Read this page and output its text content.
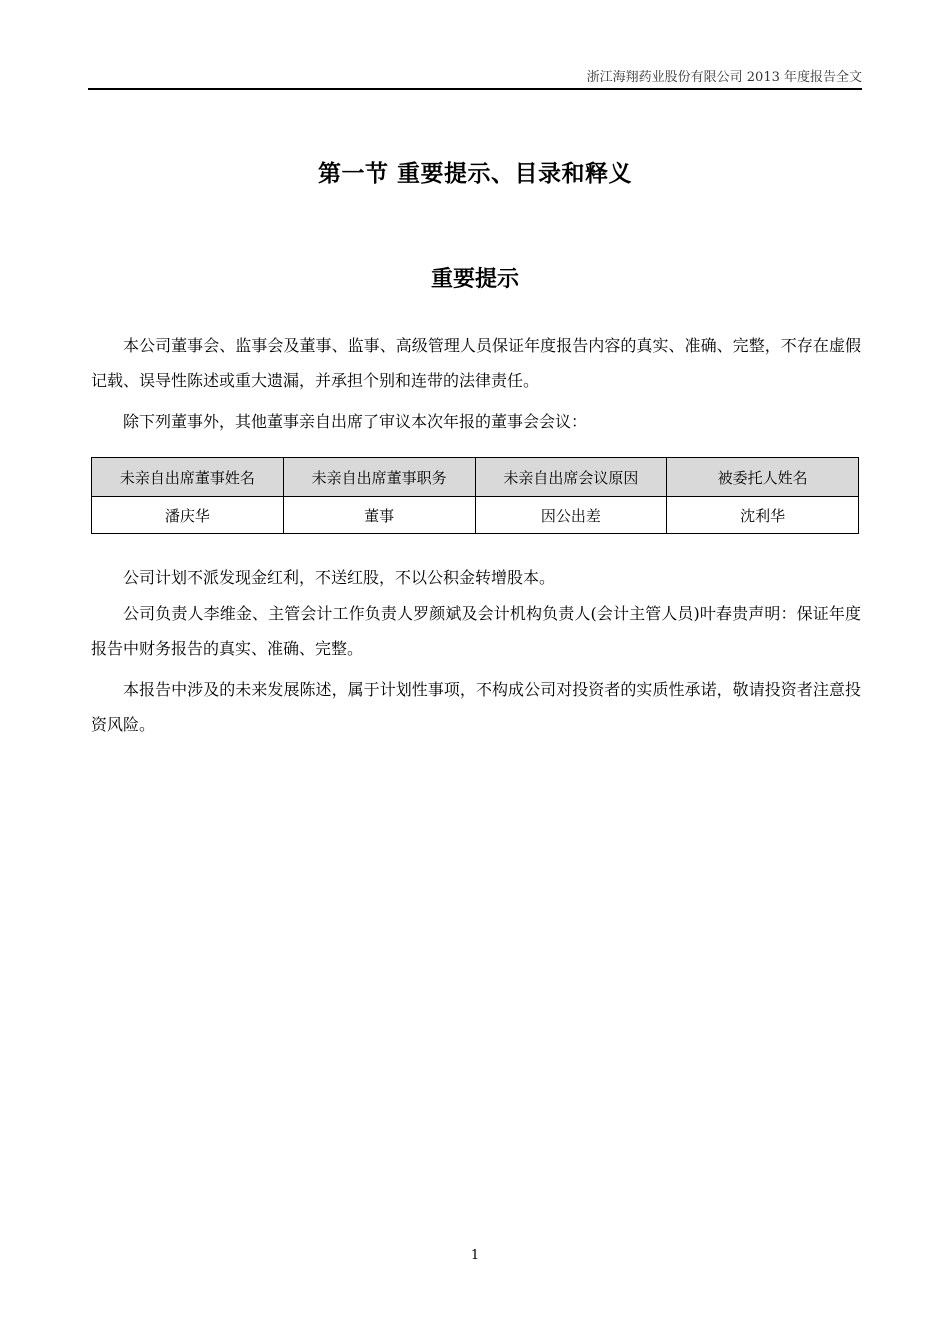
浙江海翔药业股份有限公司 2013 年度报告全文
第一节 重要提示、目录和释义
重要提示

本公司董事会、监事会及董事、监事、高级管理人员保证年度报告内容的真实、准确、完整，不存在虚假记载、误导性陈述或重大遗漏，并承担个别和连带的法律责任。

除下列董事外，其他董事亲自出席了审议本次年报的董事会会议：

未亲自出席董事姓名	未亲自出席董事职务	未亲自出席会议原因	被委托人姓名
潘庆华	董事	因公出差	沈利华

公司计划不派发现金红利，不送红股，不以公积金转增股本。

公司负责人李维金、主管会计工作负责人罗颜斌及会计机构负责人(会计主管人员)叶春贵声明：保证年度报告中财务报告的真实、准确、完整。

本报告中涉及的未来发展陈述，属于计划性事项，不构成公司对投资者的实质性承诺，敬请投资者注意投资风险。

1
